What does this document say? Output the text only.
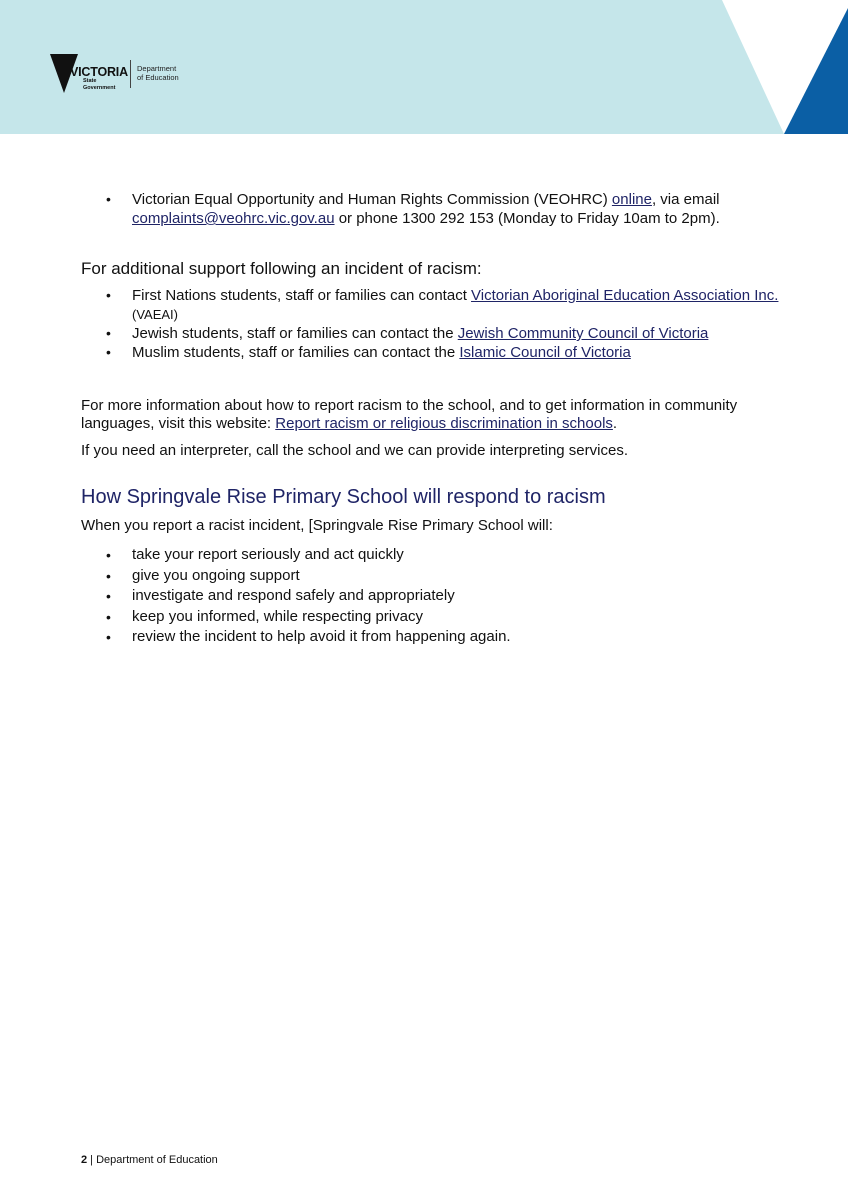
VICTORIA
State
Government
Department
of Education
• Victorian Equal Opportunity and Human Rights Commission (VEOHRC) online, via email complaints@veohrc.vic.gov.au or phone 1300 292 153 (Monday to Friday 10am to 2pm).

For additional support following an incident of racism:

• First Nations students, staff or families can contact Victorian Aboriginal Education Association Inc. (VAEAI)
• Jewish students, staff or families can contact the Jewish Community Council of Victoria
• Muslim students, staff or families can contact the Islamic Council of Victoria

For more information about how to report racism to the school, and to get information in community languages, visit this website: Report racism or religious discrimination in schools.

If you need an interpreter, call the school and we can provide interpreting services.

How Springvale Rise Primary School will respond to racism

When you report a racist incident, [Springvale Rise Primary School will:

• take your report seriously and act quickly
• give you ongoing support
• investigate and respond safely and appropriately
• keep you informed, while respecting privacy
• review the incident to help avoid it from happening again.
2 | Department of Education
